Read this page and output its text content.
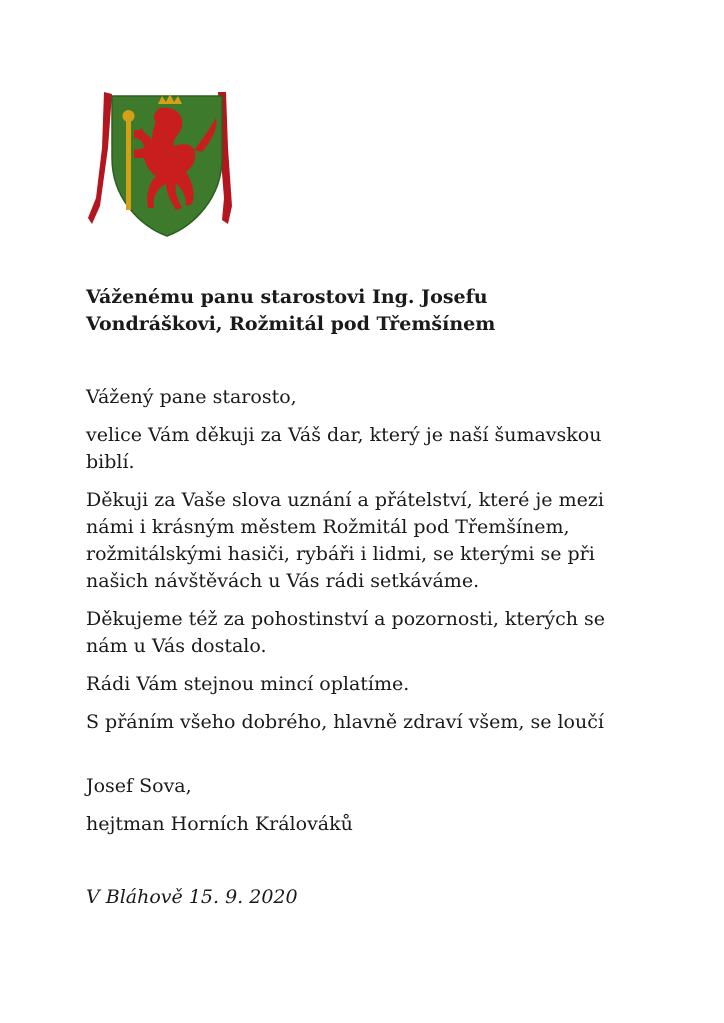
Váženému panu starostovi Ing. Josefu
Vondráškovi, Rožmitál pod Třemšínem

Vážený pane starosto,

velice Vám děkuji za Váš dar, který je naší šumavskou
biblí.

Děkuji za Vaše slova uznání a přátelství, které je mezi
námi i krásným městem Rožmitál pod Třemšínem,
rožmitálskými hasiči, rybáři i lidmi, se kterými se při
našich návštěvách u Vás rádi setkáváme.

Děkujeme též za pohostinství a pozornosti, kterých se
nám u Vás dostalo.

Rádi Vám stejnou mincí oplatíme.

S přáním všeho dobrého, hlavně zdraví všem, se loučí

Josef Sova,

hejtman Horních Králováků

V Bláhově 15. 9. 2020
